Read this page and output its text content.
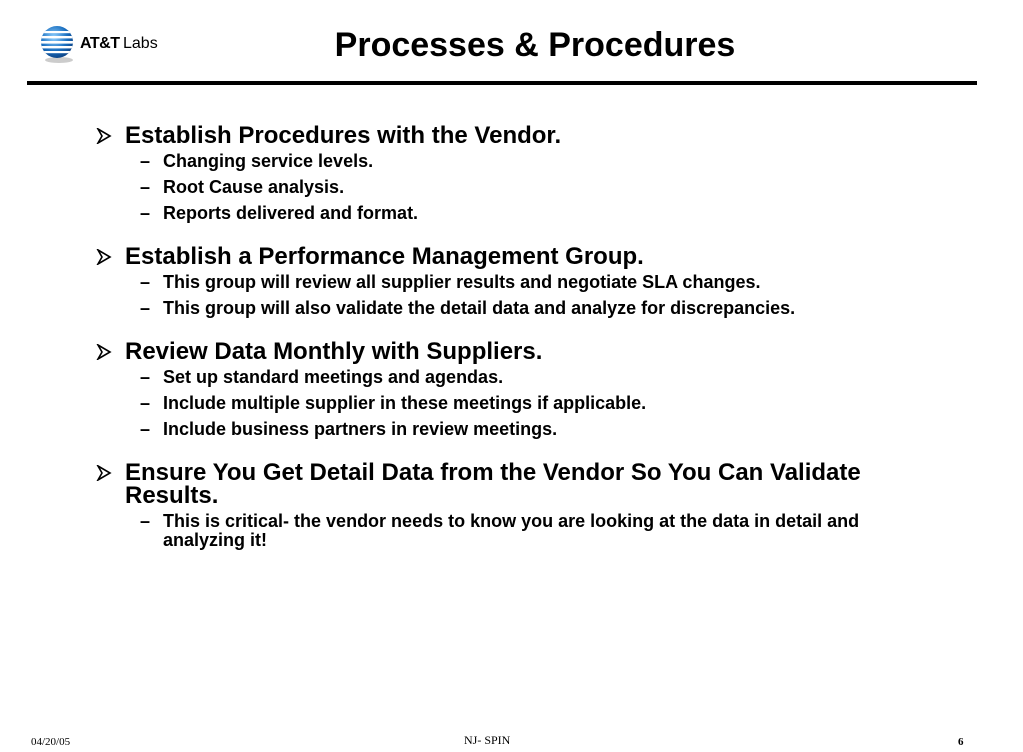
AT&T Labs	Processes & Procedures
Establish Procedures with the Vendor.
– Changing service levels.
– Root Cause analysis.
– Reports delivered and format.
Establish a Performance Management Group.
– This group will review all supplier results and negotiate SLA changes.
– This group will also validate the detail data and analyze for discrepancies.
Review Data Monthly with Suppliers.
– Set up standard meetings and agendas.
– Include multiple supplier in these meetings if applicable.
– Include business partners in review meetings.
Ensure You Get Detail Data from the Vendor So You Can Validate Results.
– This is critical- the vendor needs to know you are looking at the data in detail and analyzing it!
04/20/05	NJ- SPIN	6
